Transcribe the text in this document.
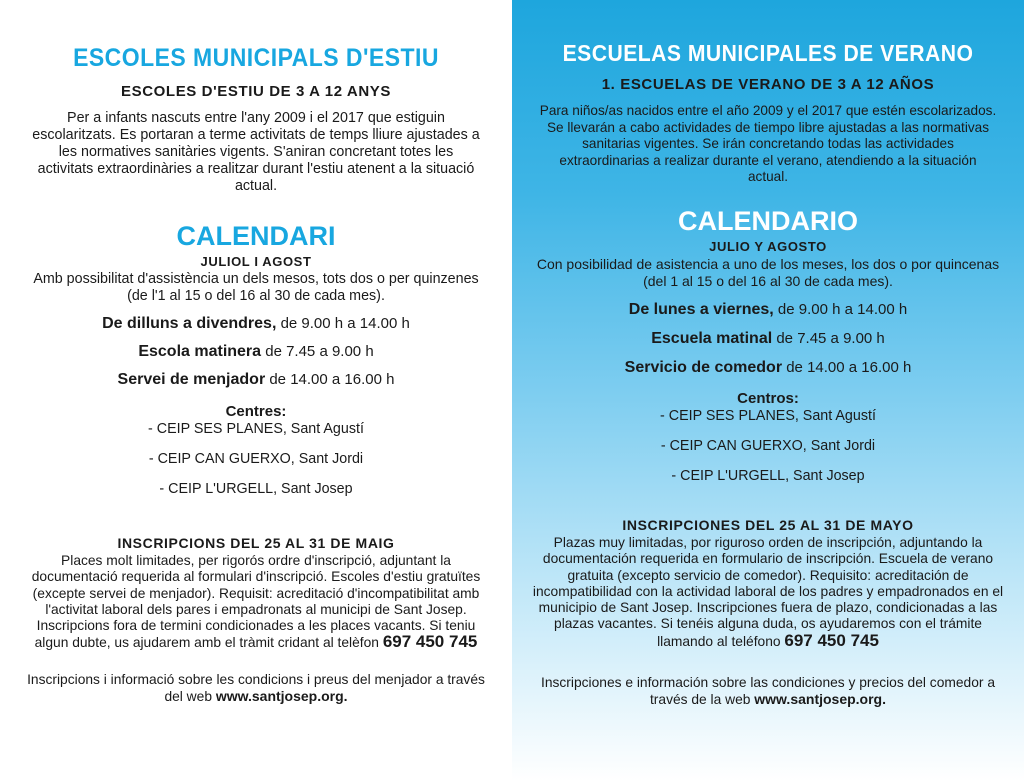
ESCOLES MUNICIPALS D'ESTIU
ESCOLES D'ESTIU DE 3 A 12 ANYS

Per a infants nascuts entre l'any 2009 i el 2017 que estiguin escolaritzats. Es portaran a terme activitats de temps lliure ajustades a les normatives sanitàries vigents. S'aniran concretant totes les activitats extraordinàries a realitzar durant l'estiu atenent a la situació actual.

CALENDARI
JULIOL I AGOST

Amb possibilitat d'assistència un dels mesos, tots dos o per quinzenes (de l'1 al 15 o del 16 al 30 de cada mes).

De dilluns a divendres, de 9.00 h a 14.00 h
Escola matinera de 7.45 a 9.00 h
Servei de menjador de 14.00 a 16.00 h
Centres:
- CEIP SES PLANES, Sant Agustí
- CEIP CAN GUERXO, Sant Jordi
- CEIP L'URGELL, Sant Josep
INSCRIPCIONS DEL 25 AL 31 DE MAIG

Places molt limitades, per rigorós ordre d'inscripció, adjuntant la documentació requerida al formulari d'inscripció. Escoles d'estiu gratuïtes (excepte servei de menjador). Requisit: acreditació d'incompatibilitat amb l'activitat laboral dels pares i empadronats al municipi de Sant Josep. Inscripcions fora de termini condicionades a les places vacants. Si teniu algun dubte, us ajudarem amb el tràmit cridant al telèfon 697 450 745

Inscripcions i informació sobre les condicions i preus del menjador a través del web www.santjosep.org.

ESCUELAS MUNICIPALES DE VERANO
1. ESCUELAS DE VERANO DE 3 A 12 AÑOS

Para niños/as nacidos entre el año 2009 y el 2017 que estén escolarizados. Se llevarán a cabo actividades de tiempo libre ajustadas a las normativas sanitarias vigentes. Se irán concretando todas las actividades extraordinarias a realizar durante el verano, atendiendo a la situación actual.

CALENDARIO
JULIO Y AGOSTO

Con posibilidad de asistencia a uno de los meses, los dos o por quincenas (del 1 al 15 o del 16 al 30 de cada mes).

De lunes a viernes, de 9.00 h a 14.00 h
Escuela matinal de 7.45 a 9.00 h
Servicio de comedor de 14.00 a 16.00 h
Centros:
- CEIP SES PLANES, Sant Agustí
- CEIP CAN GUERXO, Sant Jordi
- CEIP L'URGELL, Sant Josep
INSCRIPCIONES DEL 25 AL 31 DE MAYO

Plazas muy limitadas, por riguroso orden de inscripción, adjuntando la documentación requerida en formulario de inscripción. Escuela de verano gratuita (excepto servicio de comedor). Requisito: acreditación de incompatibilidad con la actividad laboral de los padres y empadronados en el municipio de Sant Josep. Inscripciones fuera de plazo, condicionadas a las plazas vacantes. Si tenéis alguna duda, os ayudaremos con el trámite llamando al teléfono 697 450 745

Inscripciones e información sobre las condiciones y precios del comedor a través de la web www.santjosep.org.
